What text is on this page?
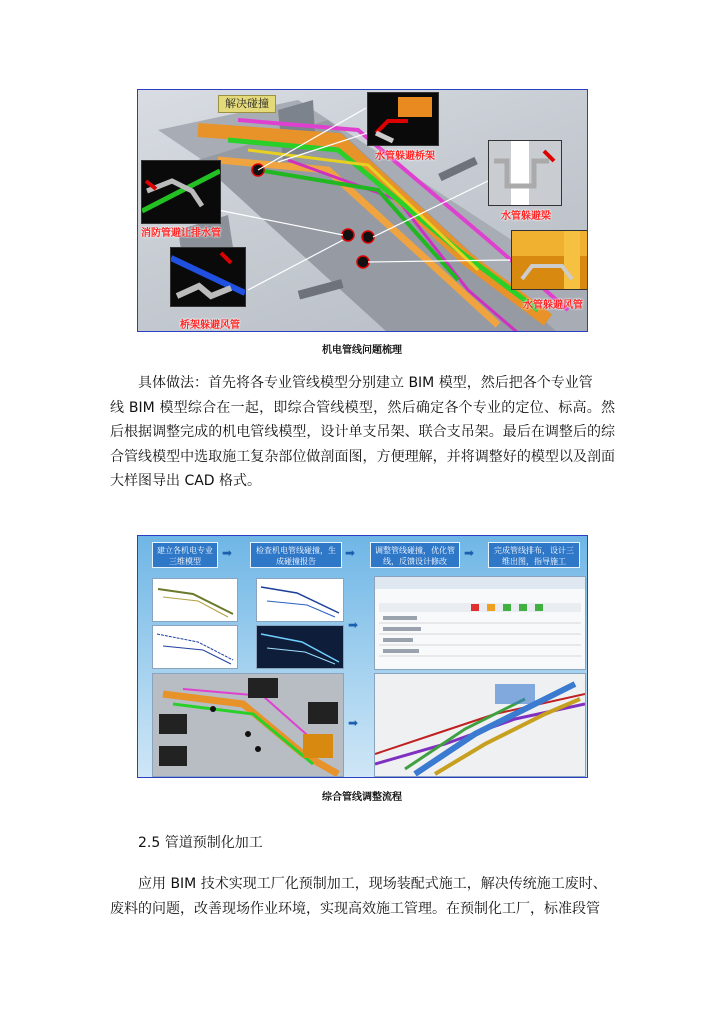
解决碰撞
水管躲避桥架
水管躲避梁
消防管避让排水管
水管躲避风管
桥架躲避风管
机电管线问题梳理
具体做法：首先将各专业管线模型分别建立 BIM 模型，然后把各个专业管
线 BIM 模型综合在一起，即综合管线模型，然后确定各个专业的定位、标高。然后根据调整完成的机电管线模型，设计单支吊架、联合支吊架。最后在调整后的综合管线模型中选取施工复杂部位做剖面图，方便理解，并将调整好的模型以及剖面大样图导出 CAD 格式。
建立各机电专业三维模型
➡	检查机电管线碰撞，生成碰撞报告
➡	调整管线碰撞，优化管线，反馈设计修改
➡	完成管线排布，设计三维出图，指导施工
➡
➡
综合管线调整流程
2.5 管道预制化加工
应用 BIM 技术实现工厂化预制加工，现场装配式施工，解决传统施工废时、
废料的问题，改善现场作业环境，实现高效施工管理。在预制化工厂，标准段管
